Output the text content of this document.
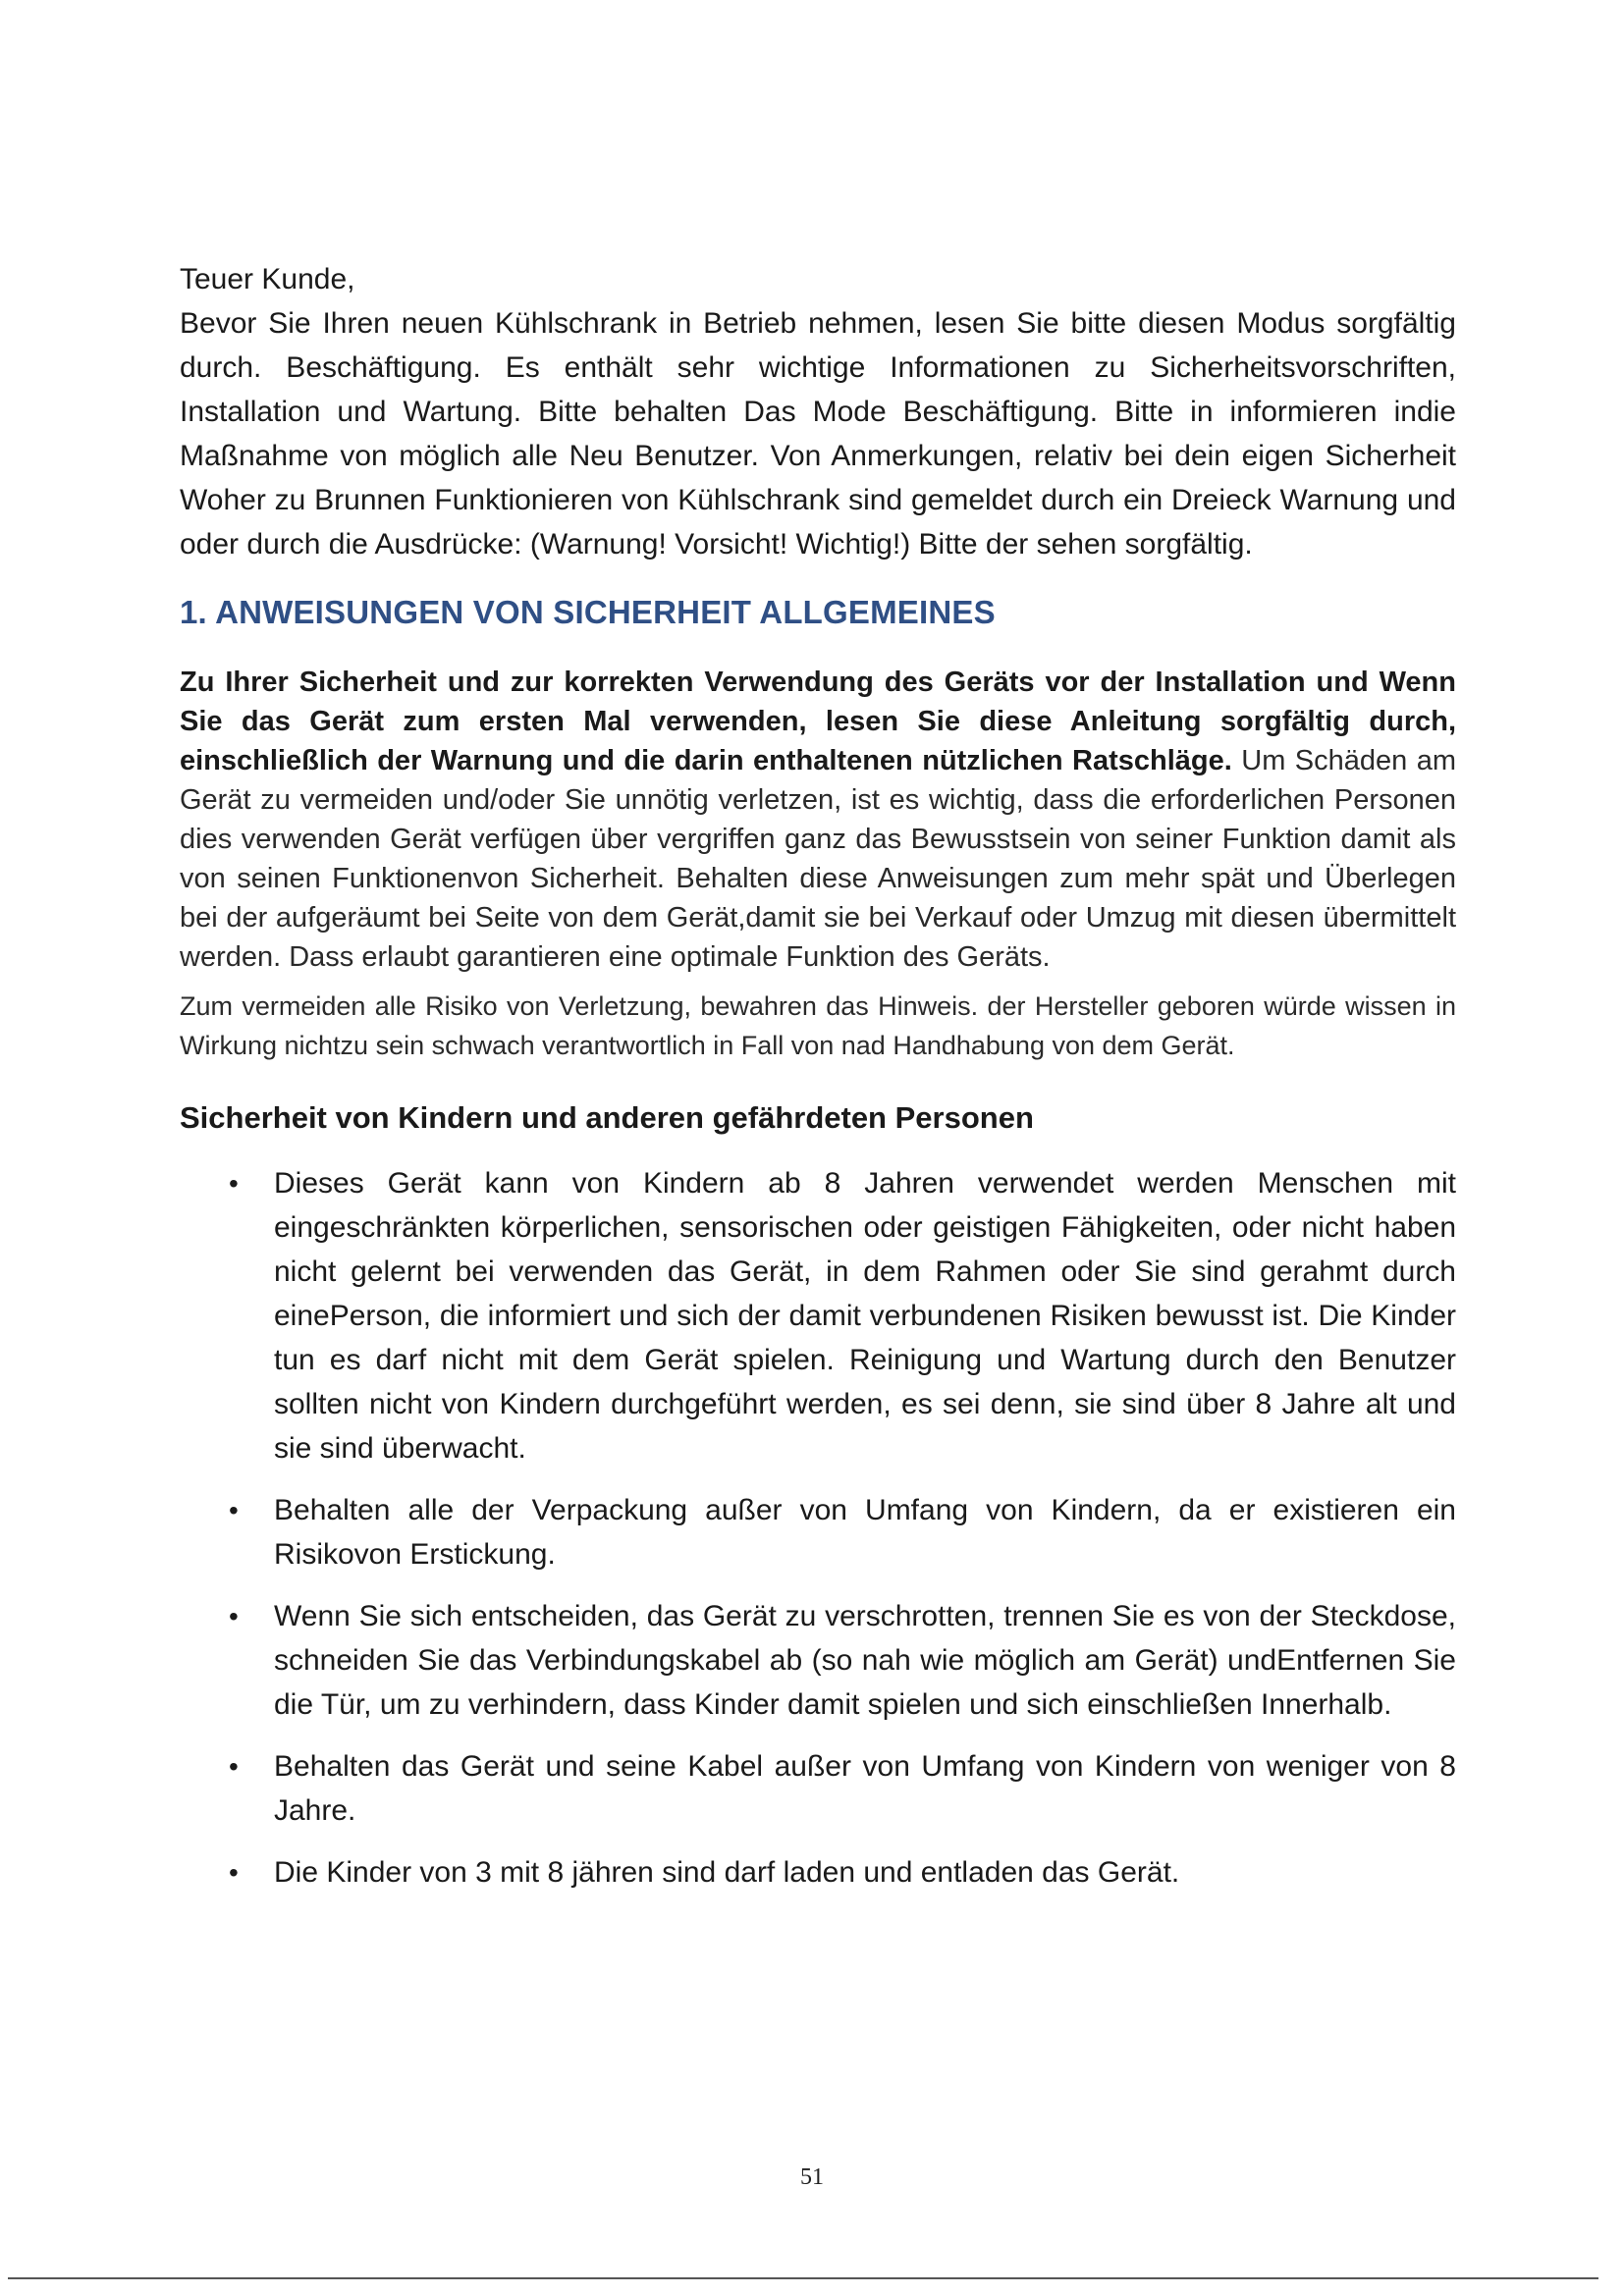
Teuer Kunde,
Bevor Sie Ihren neuen Kühlschrank in Betrieb nehmen, lesen Sie bitte diesen Modus sorgfältig durch. Beschäftigung. Es enthält sehr wichtige Informationen zu Sicherheitsvorschriften, Installation und Wartung. Bitte behalten Das Mode Beschäftigung. Bitte in informieren indie Maßnahme von möglich alle Neu Benutzer. Von Anmerkungen, relativ bei dein eigen Sicherheit Woher zu Brunnen Funktionieren von Kühlschrank sind gemeldet durch ein Dreieck Warnung und oder durch die Ausdrücke: (Warnung! Vorsicht! Wichtig!) Bitte der sehen sorgfältig.

1. ANWEISUNGEN VON SICHERHEIT ALLGEMEINES

Zu Ihrer Sicherheit und zur korrekten Verwendung des Geräts vor der Installation und Wenn Sie das Gerät zum ersten Mal verwenden, lesen Sie diese Anleitung sorgfältig durch, einschließlich der Warnung und die darin enthaltenen nützlichen Ratschläge. Um Schäden am Gerät zu vermeiden und/oder Sie unnötig verletzen, ist es wichtig, dass die erforderlichen Personen dies verwenden Gerät verfügen über vergriffen ganz das Bewusstsein von seiner Funktion damit als von seinen Funktionenvon Sicherheit. Behalten diese Anweisungen zum mehr spät und Überlegen bei der aufgeräumt bei Seite von dem Gerät,damit sie bei Verkauf oder Umzug mit diesen übermittelt werden. Dass erlaubt garantieren eine optimale Funktion des Geräts.

Zum vermeiden alle Risiko von Verletzung, bewahren das Hinweis. der Hersteller geboren würde wissen in Wirkung nichtzu sein schwach verantwortlich in Fall von nad Handhabung von dem Gerät.

Sicherheit von Kindern und anderen gefährdeten Personen
• Dieses Gerät kann von Kindern ab 8 Jahren verwendet werden Menschen mit eingeschränkten körperlichen, sensorischen oder geistigen Fähigkeiten, oder nicht haben nicht gelernt bei verwenden das Gerät, in dem Rahmen oder Sie sind gerahmt durch einePerson, die informiert und sich der damit verbundenen Risiken bewusst ist. Die Kinder tun es darf nicht mit dem Gerät spielen. Reinigung und Wartung durch den Benutzer sollten nicht von Kindern durchgeführt werden, es sei denn, sie sind über 8 Jahre alt und sie sind überwacht.
• Behalten alle der Verpackung außer von Umfang von Kindern, da er existieren ein Risikovon Erstickung.
• Wenn Sie sich entscheiden, das Gerät zu verschrotten, trennen Sie es von der Steckdose, schneiden Sie das Verbindungskabel ab (so nah wie möglich am Gerät) undEntfernen Sie die Tür, um zu verhindern, dass Kinder damit spielen und sich einschließen Innerhalb.
• Behalten das Gerät und seine Kabel außer von Umfang von Kindern von weniger von 8 Jahre.
• Die Kinder von 3 mit 8 jähren sind darf laden und entladen das Gerät.
51
